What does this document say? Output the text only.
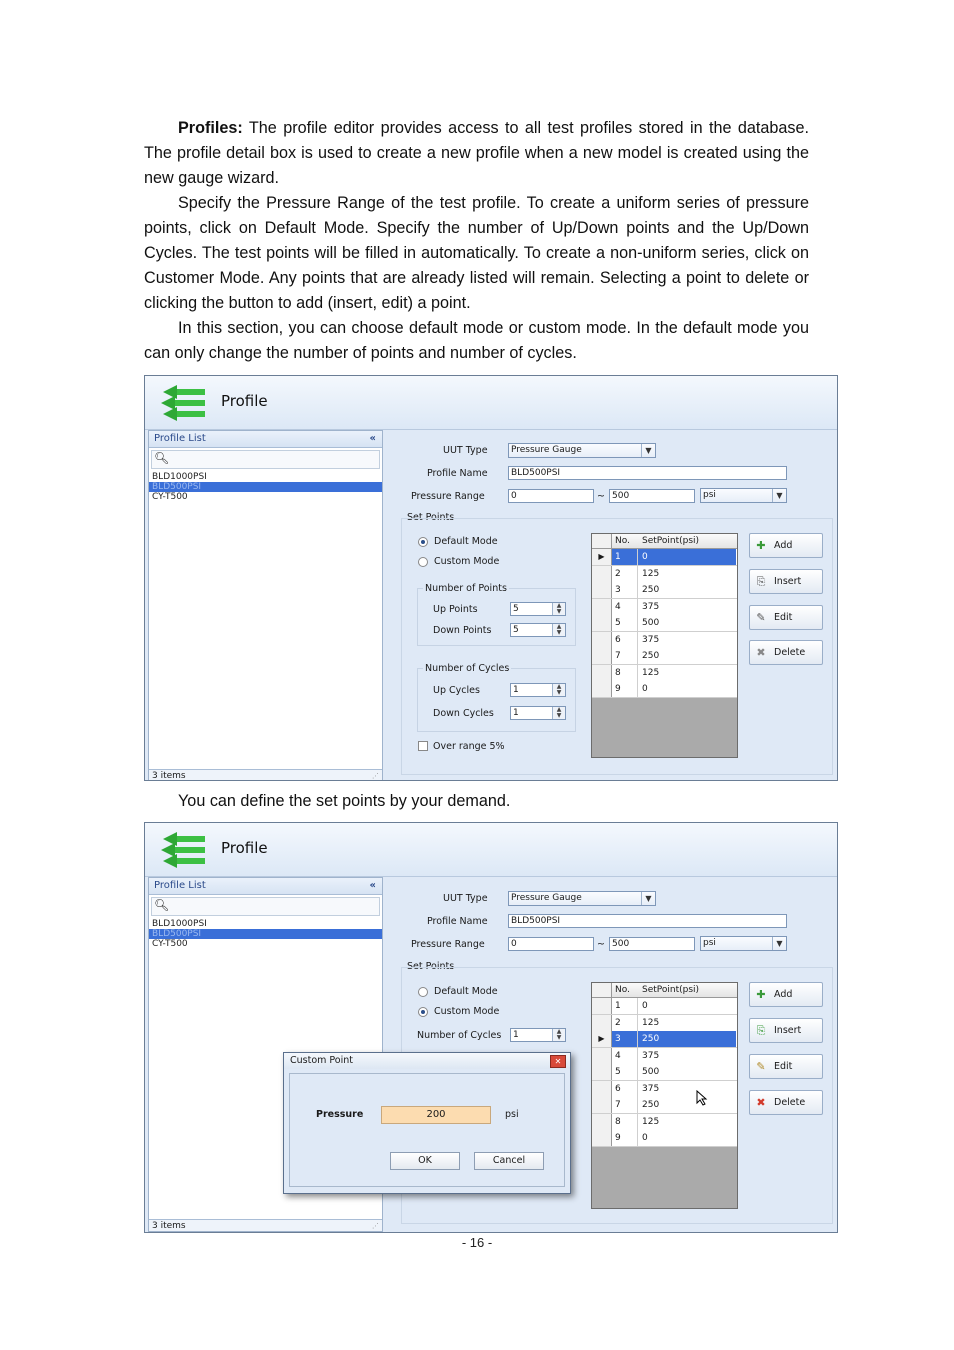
Profiles: The profile editor provides access to all test profiles stored in the database. The profile detail box is used to create a new profile when a new model is created using the new gauge wizard.

Specify the Pressure Range of the test profile. To create a uniform series of pressure points, click on Default Mode. Specify the number of Up/Down points and the Up/Down Cycles. The test points will be filled in automatically. To create a non-uniform series, click on Customer Mode. Any points that are already listed will remain. Selecting a point to delete or clicking the button to add (insert, edit) a point.

In this section, you can choose default mode or custom mode. In the default mode you can only change the number of points and number of cycles.

Profile
Profile List	«
🔍︎
BLD1000PSI
BLD500PSI
CY-T500
3 items	⋰
UUT Type	Pressure Gauge	▼
Profile Name	BLD500PSI
Pressure Range	0	~ 500	psi	▼
Set Points
Default Mode
Custom Mode
Number of Points
Up Points	5	▲
▼
Down Points	5	▲
▼
Number of Cycles
Up Cycles	1	▲
▼
Down Cycles	1	▲
▼
Over range 5%
No.	SetPoint(psi)
▶	1	0
2	125
3	250
4	375
5	500
6	375
7	250
8	125
9	0
✚ Add
⎘ Insert
✎ Edit
✖ Delete

You can define the set points by your demand.

Profile
Profile List	«
🔍︎
BLD1000PSI
BLD500PSI
CY-T500
3 items	⋰
UUT Type	Pressure Gauge	▼
Profile Name	BLD500PSI
Pressure Range	0	~ 500	psi	▼
Set Points
Default Mode
Custom Mode
Number of Cycles	1	▲
▼
No.	SetPoint(psi)
1	0
2	125
▶	3	250
4	375
5	500
6	375
7	250
8	125
9	0
✚ Add
⎘ Insert
✎ Edit
✖ Delete
Custom Point	✕
Pressure	200	psi
OK	Cancel
- 16 -
